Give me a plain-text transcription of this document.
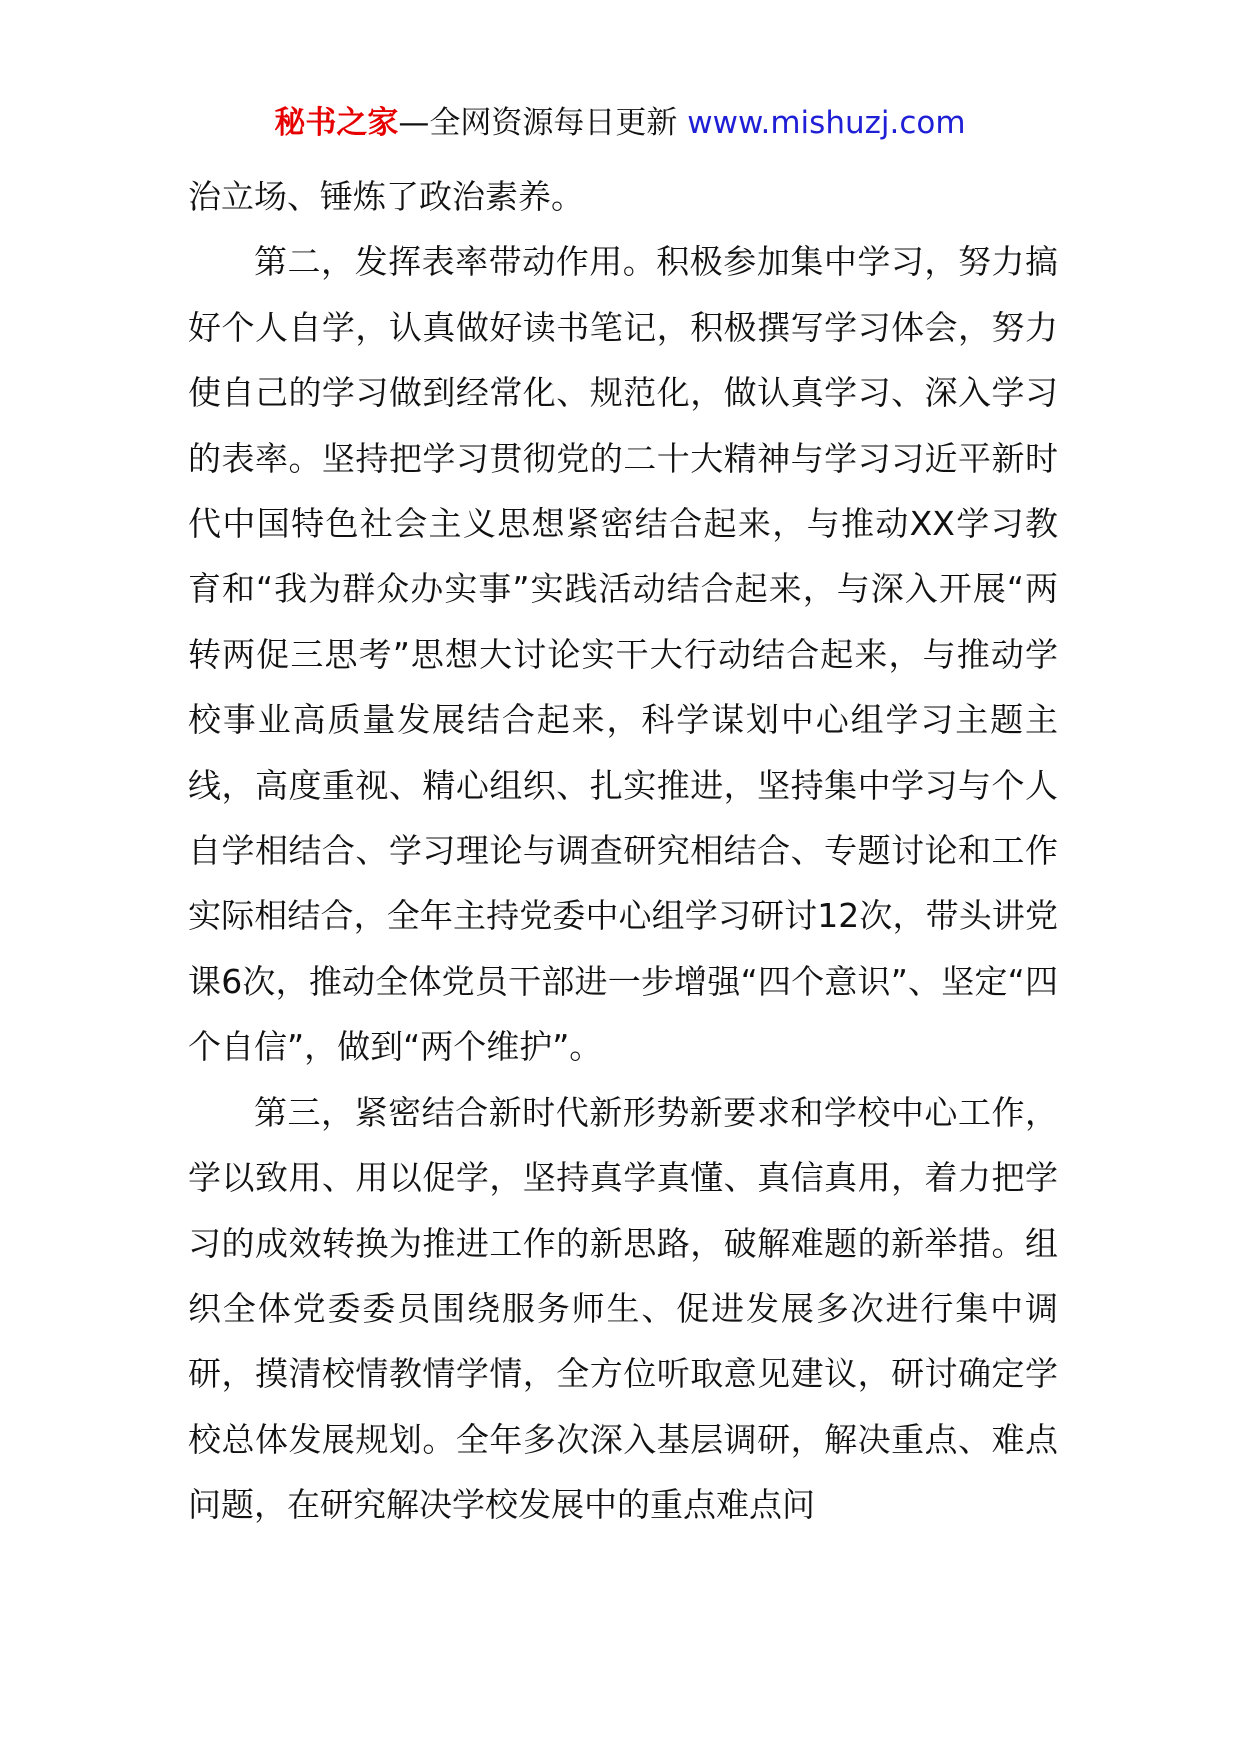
秘书之家—全网资源每日更新 www.mishuzj.com

治立场、锤炼了政治素养。

第二，发挥表率带动作用。积极参加集中学习，努力搞好个人自学，认真做好读书笔记，积极撰写学习体会，努力使自己的学习做到经常化、规范化，做认真学习、深入学习的表率。坚持把学习贯彻党的二十大精神与学习习近平新时代中国特色社会主义思想紧密结合起来，与推动XX学习教育和“我为群众办实事”实践活动结合起来，与深入开展“两转两促三思考”思想大讨论实干大行动结合起来，与推动学校事业高质量发展结合起来，科学谋划中心组学习主题主线，高度重视、精心组织、扎实推进，坚持集中学习与个人自学相结合、学习理论与调查研究相结合、专题讨论和工作实际相结合，全年主持党委中心组学习研讨12次，带头讲党课6次，推动全体党员干部进一步增强“四个意识”、坚定“四个自信”，做到“两个维护”。

第三，紧密结合新时代新形势新要求和学校中心工作，学以致用、用以促学，坚持真学真懂、真信真用，着力把学习的成效转换为推进工作的新思路，破解难题的新举措。组织全体党委委员围绕服务师生、促进发展多次进行集中调研，摸清校情教情学情，全方位听取意见建议，研讨确定学校总体发展规划。全年多次深入基层调研，解决重点、难点问题，在研究解决学校发展中的重点难点问
